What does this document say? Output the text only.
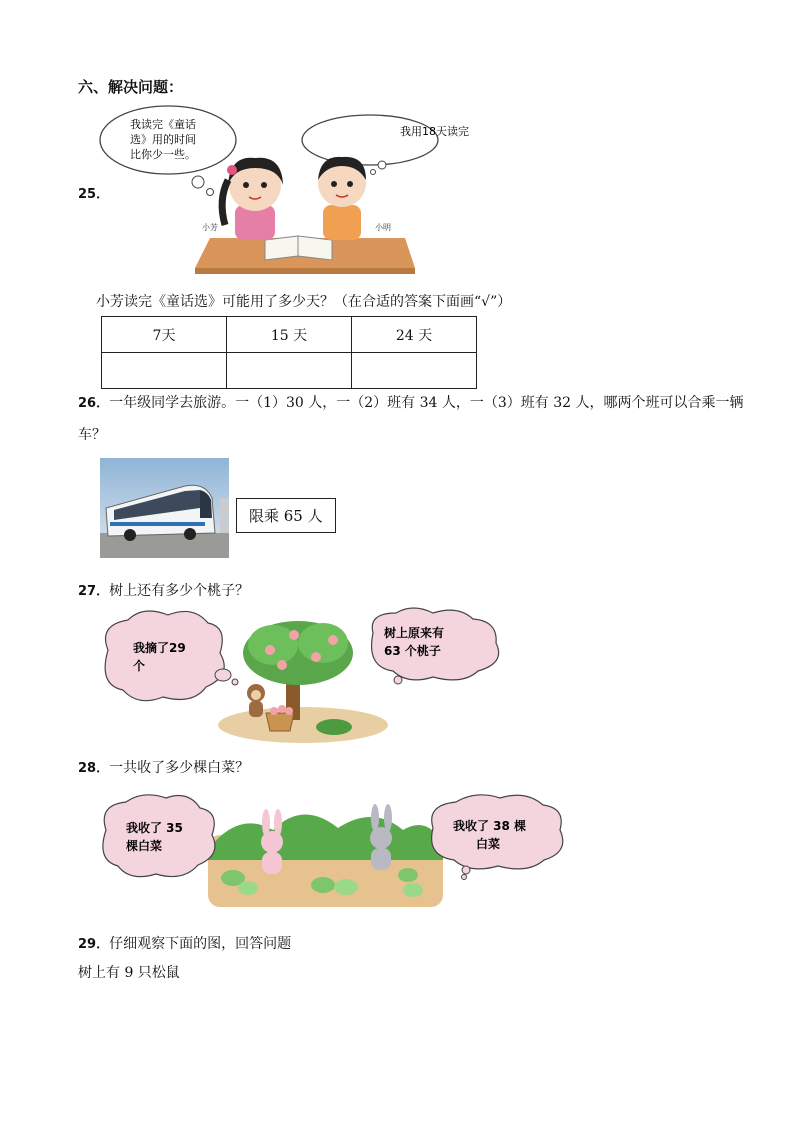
六、解决问题：
25．
我读完《童话
选》用的时间
比你少一些。
我用18天读完
小芳	小明
小芳读完《童话选》可能用了多少天？（在合适的答案下面画“√”）
7天	15 天	24 天

26．一年级同学去旅游。一（1）30 人，一（2）班有 34 人，一（3）班有 32 人，哪两个班可以合乘一辆
车？
限乘 65 人
27．树上还有多少个桃子？
我摘了29
个
树上原来有
63 个桃子
28．一共收了多少棵白菜？
我收了 35
棵白菜
我收了 38 棵
白菜
29．仔细观察下面的图，回答问题
树上有 9 只松鼠
